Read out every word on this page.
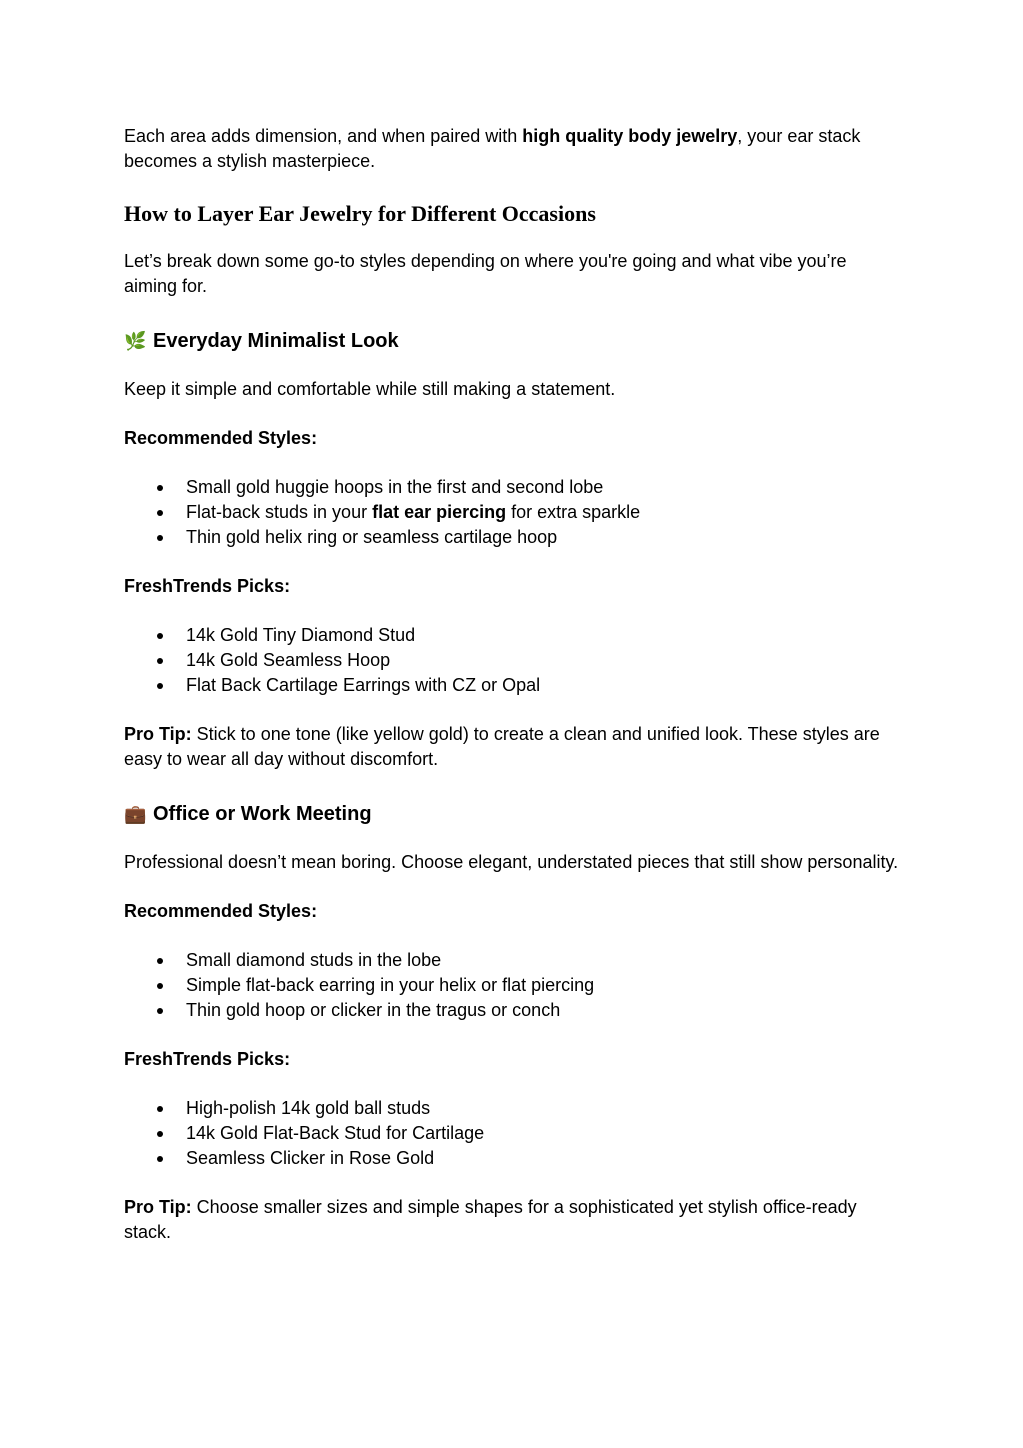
Each area adds dimension, and when paired with high quality body jewelry, your ear stack becomes a stylish masterpiece.

How to Layer Ear Jewelry for Different Occasions

Let’s break down some go-to styles depending on where you're going and what vibe you’re aiming for.

🌿 Everyday Minimalist Look

Keep it simple and comfortable while still making a statement.

Recommended Styles:

Small gold huggie hoops in the first and second lobe
Flat-back studs in your flat ear piercing for extra sparkle
Thin gold helix ring or seamless cartilage hoop

FreshTrends Picks:

14k Gold Tiny Diamond Stud
14k Gold Seamless Hoop
Flat Back Cartilage Earrings with CZ or Opal

Pro Tip: Stick to one tone (like yellow gold) to create a clean and unified look. These styles are easy to wear all day without discomfort.

💼 Office or Work Meeting

Professional doesn’t mean boring. Choose elegant, understated pieces that still show personality.

Recommended Styles:

Small diamond studs in the lobe
Simple flat-back earring in your helix or flat piercing
Thin gold hoop or clicker in the tragus or conch

FreshTrends Picks:

High-polish 14k gold ball studs
14k Gold Flat-Back Stud for Cartilage
Seamless Clicker in Rose Gold

Pro Tip: Choose smaller sizes and simple shapes for a sophisticated yet stylish office-ready stack.
